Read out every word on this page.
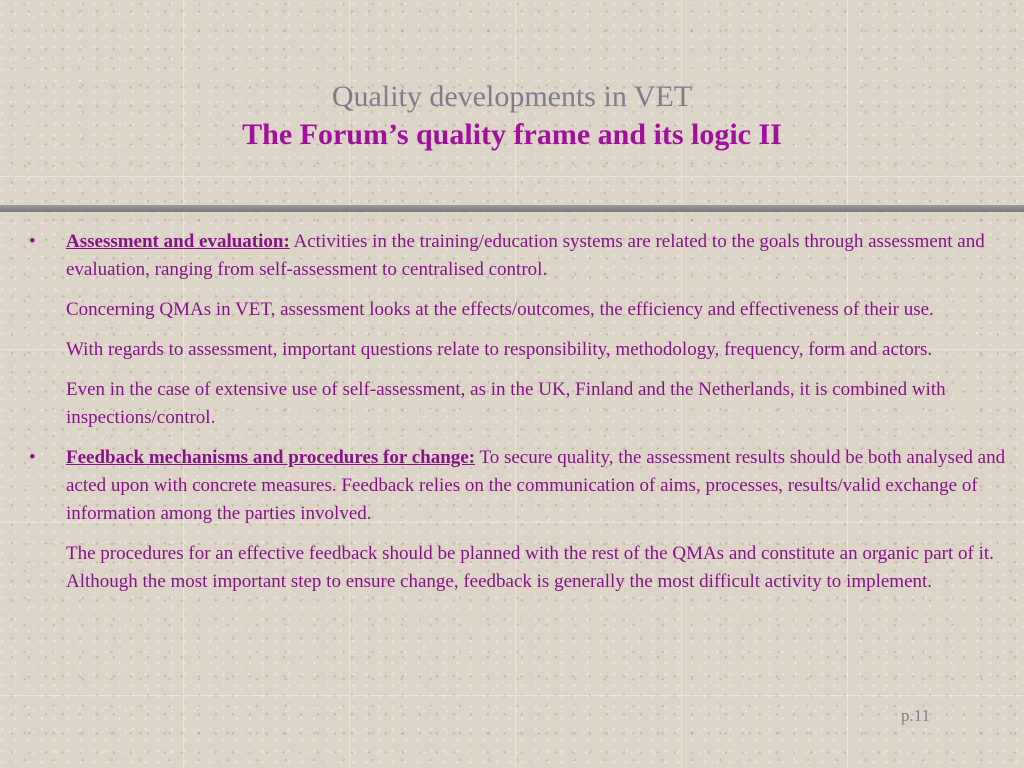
Quality developments in VET
The Forum’s quality frame and its logic II
• Assessment and evaluation: Activities in the training/education systems are related to the goals through assessment and evaluation, ranging from self-assessment to centralised control.

Concerning QMAs in VET, assessment looks at the effects/outcomes, the efficiency and effectiveness of their use.

With regards to assessment, important questions relate to responsibility, methodology, frequency, form and actors.

Even in the case of extensive use of self-assessment, as in the UK, Finland and the Netherlands, it is combined with inspections/control.

• Feedback mechanisms and procedures for change: To secure quality, the assessment results should be both analysed and acted upon with concrete measures. Feedback relies on the communication of aims, processes, results/valid exchange of information among the parties involved.

The procedures for an effective feedback should be planned with the rest of the QMAs and constitute an organic part of it. Although the most important step to ensure change, feedback is generally the most difficult activity to implement.

p.11
